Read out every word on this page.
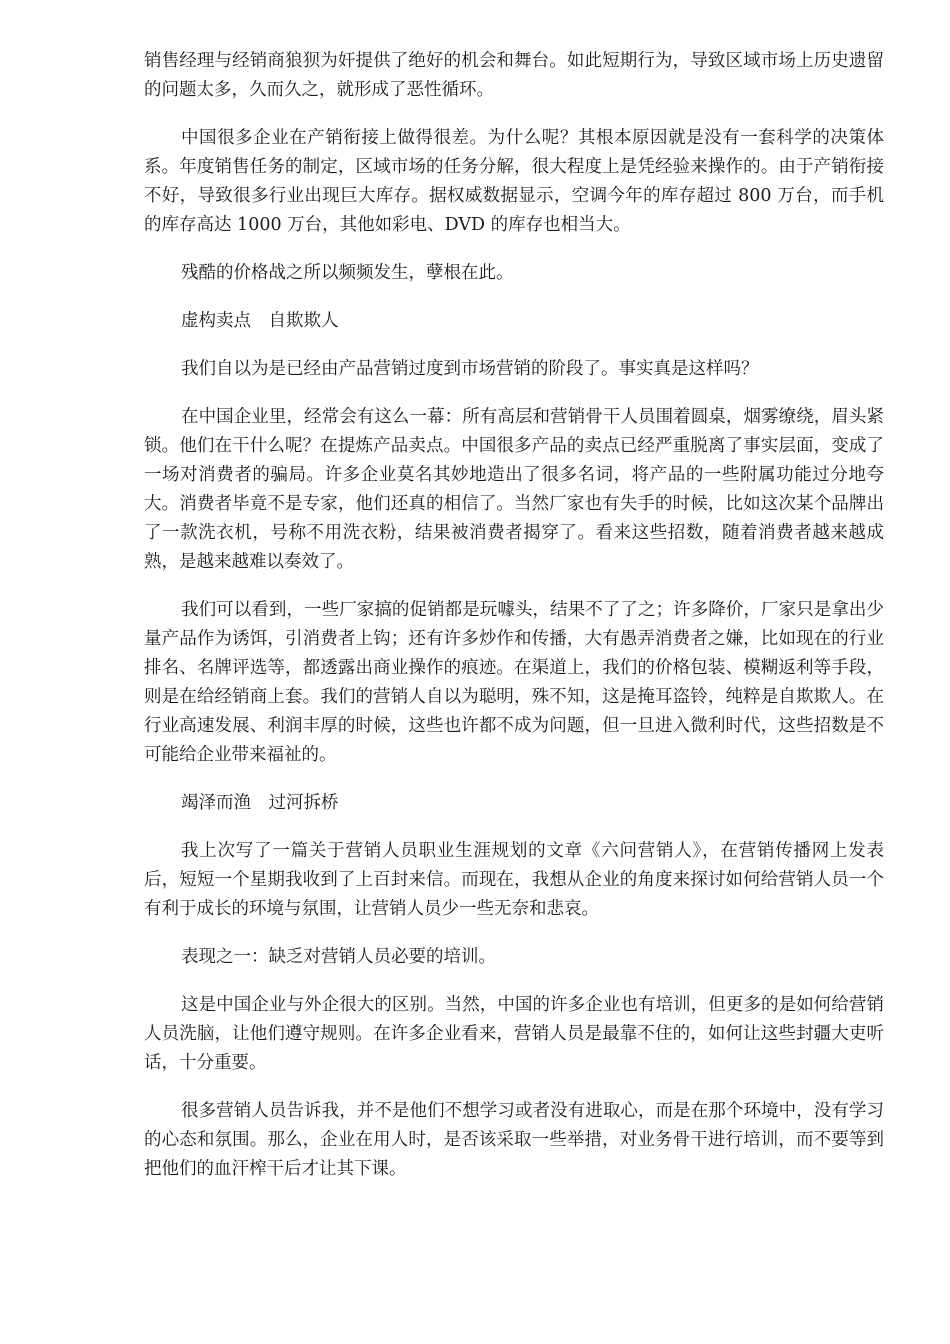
销售经理与经销商狼狈为奸提供了绝好的机会和舞台。如此短期行为，导致区域市场上历史遗留的问题太多，久而久之，就形成了恶性循环。

中国很多企业在产销衔接上做得很差。为什么呢？其根本原因就是没有一套科学的决策体系。年度销售任务的制定，区域市场的任务分解，很大程度上是凭经验来操作的。由于产销衔接不好，导致很多行业出现巨大库存。据权威数据显示，空调今年的库存超过 800 万台，而手机的库存高达 1000 万台，其他如彩电、DVD 的库存也相当大。

残酷的价格战之所以频频发生，孽根在此。

虚构卖点　自欺欺人

我们自以为是已经由产品营销过度到市场营销的阶段了。事实真是这样吗？

在中国企业里，经常会有这么一幕：所有高层和营销骨干人员围着圆桌，烟雾缭绕，眉头紧锁。他们在干什么呢？在提炼产品卖点。中国很多产品的卖点已经严重脱离了事实层面，变成了一场对消费者的骗局。许多企业莫名其妙地造出了很多名词，将产品的一些附属功能过分地夸大。消费者毕竟不是专家，他们还真的相信了。当然厂家也有失手的时候，比如这次某个品牌出了一款洗衣机，号称不用洗衣粉，结果被消费者揭穿了。看来这些招数，随着消费者越来越成熟，是越来越难以奏效了。

我们可以看到，一些厂家搞的促销都是玩噱头，结果不了了之；许多降价，厂家只是拿出少量产品作为诱饵，引消费者上钩；还有许多炒作和传播，大有愚弄消费者之嫌，比如现在的行业排名、名牌评选等，都透露出商业操作的痕迹。在渠道上，我们的价格包装、模糊返利等手段，则是在给经销商上套。我们的营销人自以为聪明，殊不知，这是掩耳盗铃，纯粹是自欺欺人。在行业高速发展、利润丰厚的时候，这些也许都不成为问题，但一旦进入微利时代，这些招数是不可能给企业带来福祉的。

竭泽而渔　过河拆桥

我上次写了一篇关于营销人员职业生涯规划的文章《六问营销人》，在营销传播网上发表后，短短一个星期我收到了上百封来信。而现在，我想从企业的角度来探讨如何给营销人员一个有利于成长的环境与氛围，让营销人员少一些无奈和悲哀。

表现之一：缺乏对营销人员必要的培训。

这是中国企业与外企很大的区别。当然，中国的许多企业也有培训，但更多的是如何给营销人员洗脑，让他们遵守规则。在许多企业看来，营销人员是最靠不住的，如何让这些封疆大吏听话，十分重要。

很多营销人员告诉我，并不是他们不想学习或者没有进取心，而是在那个环境中，没有学习的心态和氛围。那么，企业在用人时，是否该采取一些举措，对业务骨干进行培训，而不要等到把他们的血汗榨干后才让其下课。
